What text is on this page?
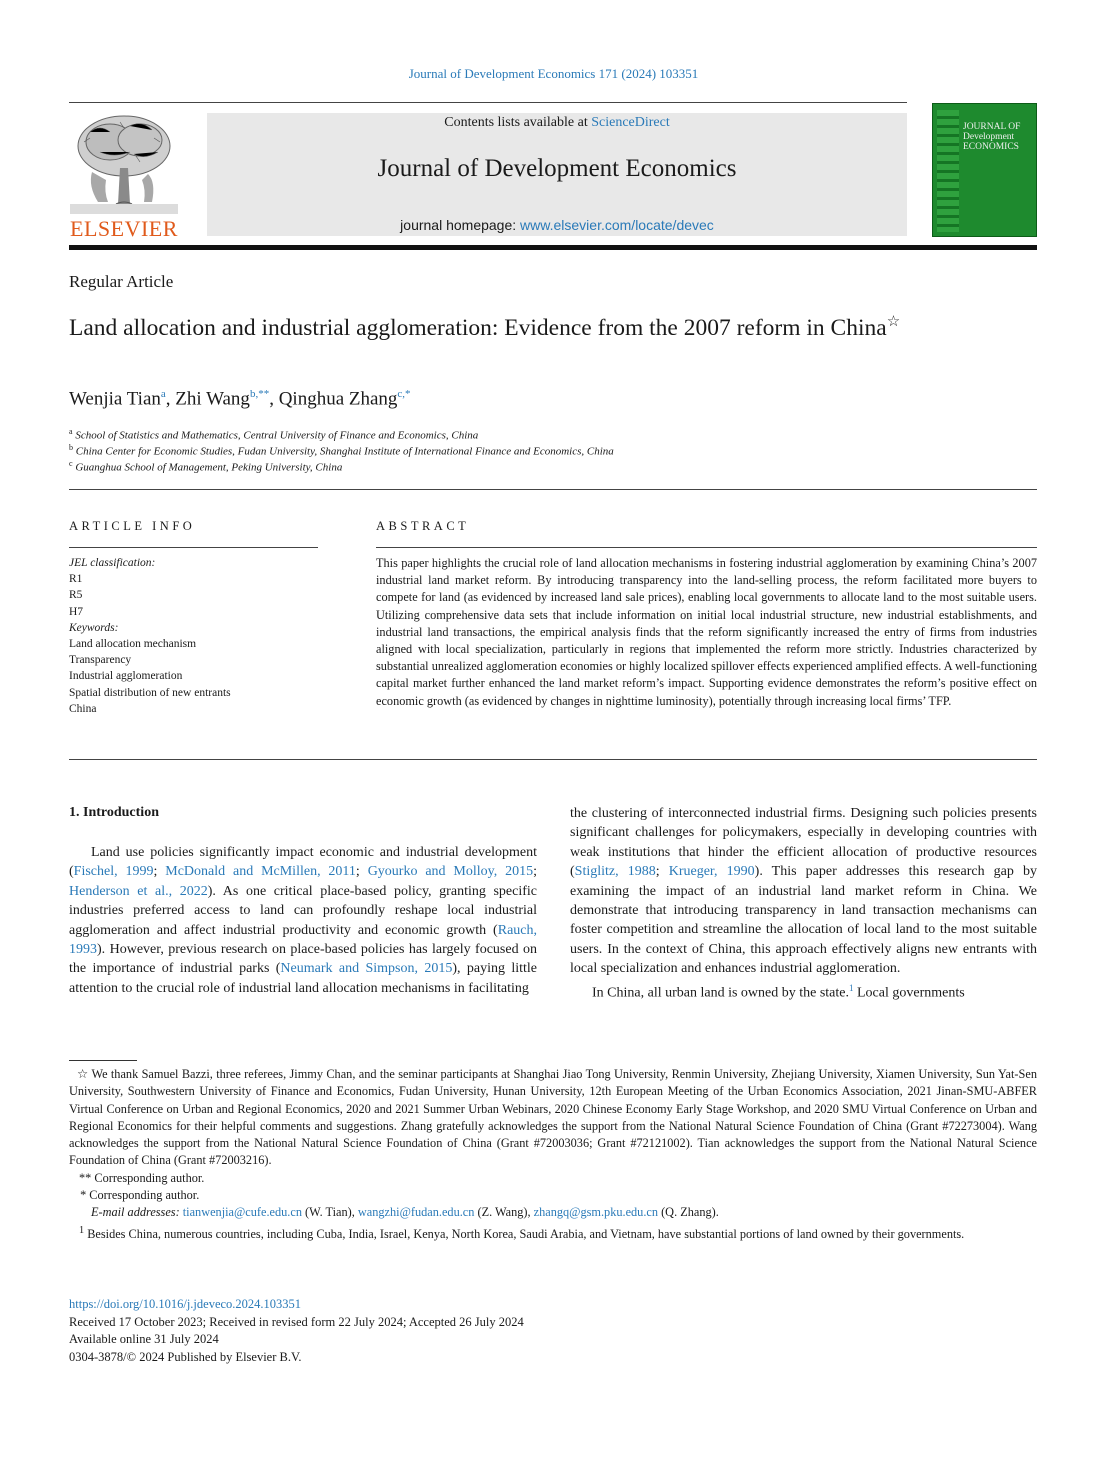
Journal of Development Economics 171 (2024) 103351
ELSEVIER
Contents lists available at ScienceDirect
Journal of Development Economics
journal homepage: www.elsevier.com/locate/devec
JOURNAL OF Development ECONOMICS
Regular Article
Land allocation and industrial agglomeration: Evidence from the 2007 reform in China☆
Wenjia Tian$^a$, Zhi Wang$^{b,**}$, Qinghua Zhang$^{c,*}$
$^a$ School of Statistics and Mathematics, Central University of Finance and Economics, China
$^b$ China Center for Economic Studies, Fudan University, Shanghai Institute of International Finance and Economics, China
$^c$ Guanghua School of Management, Peking University, China
ARTICLE INFO
JEL classification:
R1
R5
H7
Keywords:
Land allocation mechanism
Transparency
Industrial agglomeration
Spatial distribution of new entrants
China
ABSTRACT
This paper highlights the crucial role of land allocation mechanisms in fostering industrial agglomeration by examining China’s 2007 industrial land market reform. By introducing transparency into the land-selling process, the reform facilitated more buyers to compete for land (as evidenced by increased land sale prices), enabling local governments to allocate land to the most suitable users. Utilizing comprehensive data sets that include information on initial local industrial structure, new industrial establishments, and industrial land transactions, the empirical analysis finds that the reform significantly increased the entry of firms from industries aligned with local specialization, particularly in regions that implemented the reform more strictly. Industries characterized by substantial unrealized agglomeration economies or highly localized spillover effects experienced amplified effects. A well-functioning capital market further enhanced the land market reform’s impact. Supporting evidence demonstrates the reform’s positive effect on economic growth (as evidenced by changes in nighttime luminosity), potentially through increasing local firms’ TFP.
1. Introduction
Land use policies significantly impact economic and industrial development (Fischel, 1999; McDonald and McMillen, 2011; Gyourko and Molloy, 2015; Henderson et al., 2022). As one critical place-based policy, granting specific industries preferred access to land can profoundly reshape local industrial agglomeration and affect industrial productivity and economic growth (Rauch, 1993). However, previous research on place-based policies has largely focused on the importance of industrial parks (Neumark and Simpson, 2015), paying little attention to the crucial role of industrial land allocation mechanisms in facilitating
the clustering of interconnected industrial firms. Designing such policies presents significant challenges for policymakers, especially in developing countries with weak institutions that hinder the efficient allocation of productive resources (Stiglitz, 1988; Krueger, 1990). This paper addresses this research gap by examining the impact of an industrial land market reform in China. We demonstrate that introducing transparency in land transaction mechanisms can foster competition and streamline the allocation of local land to the most suitable users. In the context of China, this approach effectively aligns new entrants with local specialization and enhances industrial agglomeration.
In China, all urban land is owned by the state.$^1$ Local governments
☆ We thank Samuel Bazzi, three referees, Jimmy Chan, and the seminar participants at Shanghai Jiao Tong University, Renmin University, Zhejiang University, Xiamen University, Sun Yat-Sen University, Southwestern University of Finance and Economics, Fudan University, Hunan University, 12th European Meeting of the Urban Economics Association, 2021 Jinan-SMU-ABFER Virtual Conference on Urban and Regional Economics, 2020 and 2021 Summer Urban Webinars, 2020 Chinese Economy Early Stage Workshop, and 2020 SMU Virtual Conference on Urban and Regional Economics for their helpful comments and suggestions. Zhang gratefully acknowledges the support from the National Natural Science Foundation of China (Grant #72273004). Wang acknowledges the support from the National Natural Science Foundation of China (Grant #72003036; Grant #72121002). Tian acknowledges the support from the National Natural Science Foundation of China (Grant #72003216).
** Corresponding author.
* Corresponding author.
E-mail addresses: tianwenjia@cufe.edu.cn (W. Tian), wangzhi@fudan.edu.cn (Z. Wang), zhangq@gsm.pku.edu.cn (Q. Zhang).
$^1$ Besides China, numerous countries, including Cuba, India, Israel, Kenya, North Korea, Saudi Arabia, and Vietnam, have substantial portions of land owned by their governments.
https://doi.org/10.1016/j.jdeveco.2024.103351
Received 17 October 2023; Received in revised form 22 July 2024; Accepted 26 July 2024
Available online 31 July 2024
0304-3878/© 2024 Published by Elsevier B.V.
